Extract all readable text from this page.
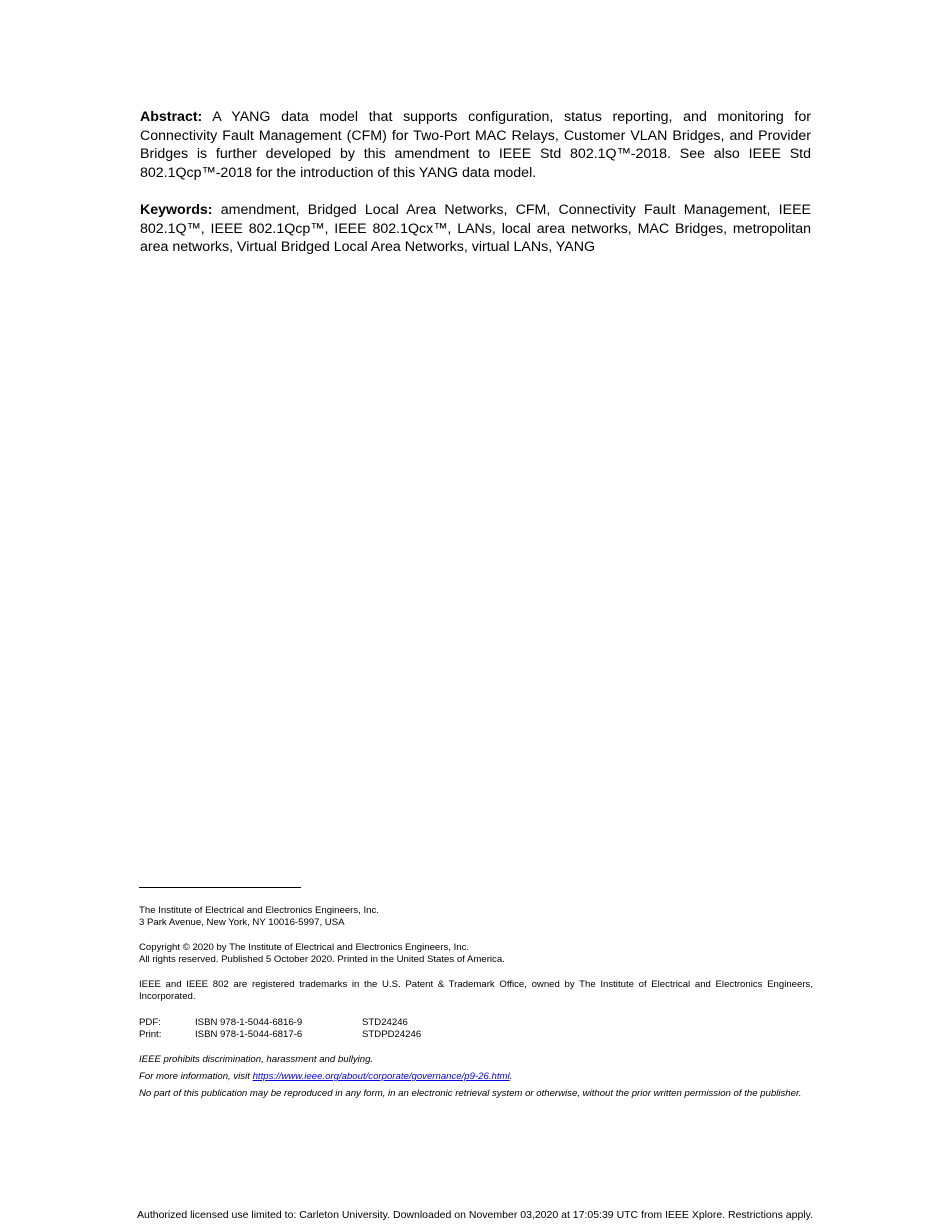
Abstract: A YANG data model that supports configuration, status reporting, and monitoring for Connectivity Fault Management (CFM) for Two-Port MAC Relays, Customer VLAN Bridges, and Provider Bridges is further developed by this amendment to IEEE Std 802.1Q™-2018. See also IEEE Std 802.1Qcp™-2018 for the introduction of this YANG data model.

Keywords: amendment, Bridged Local Area Networks, CFM, Connectivity Fault Management, IEEE 802.1Q™, IEEE 802.1Qcp™, IEEE 802.1Qcx™, LANs, local area networks, MAC Bridges, metropolitan area networks, Virtual Bridged Local Area Networks, virtual LANs, YANG

The Institute of Electrical and Electronics Engineers, Inc.
3 Park Avenue, New York, NY 10016-5997, USA

Copyright © 2020 by The Institute of Electrical and Electronics Engineers, Inc.
All rights reserved. Published 5 October 2020. Printed in the United States of America.

IEEE and IEEE 802 are registered trademarks in the U.S. Patent & Trademark Office, owned by The Institute of Electrical and Electronics Engineers, Incorporated.

PDF:	ISBN 978-1-5044-6816-9	STD24246
Print:	ISBN 978-1-5044-6817-6	STDPD24246

IEEE prohibits discrimination, harassment and bullying.

For more information, visit https://www.ieee.org/about/corporate/governance/p9-26.html.

No part of this publication may be reproduced in any form, in an electronic retrieval system or otherwise, without the prior written permission of the publisher.

Authorized licensed use limited to: Carleton University. Downloaded on November 03,2020 at 17:05:39 UTC from IEEE Xplore. Restrictions apply.
